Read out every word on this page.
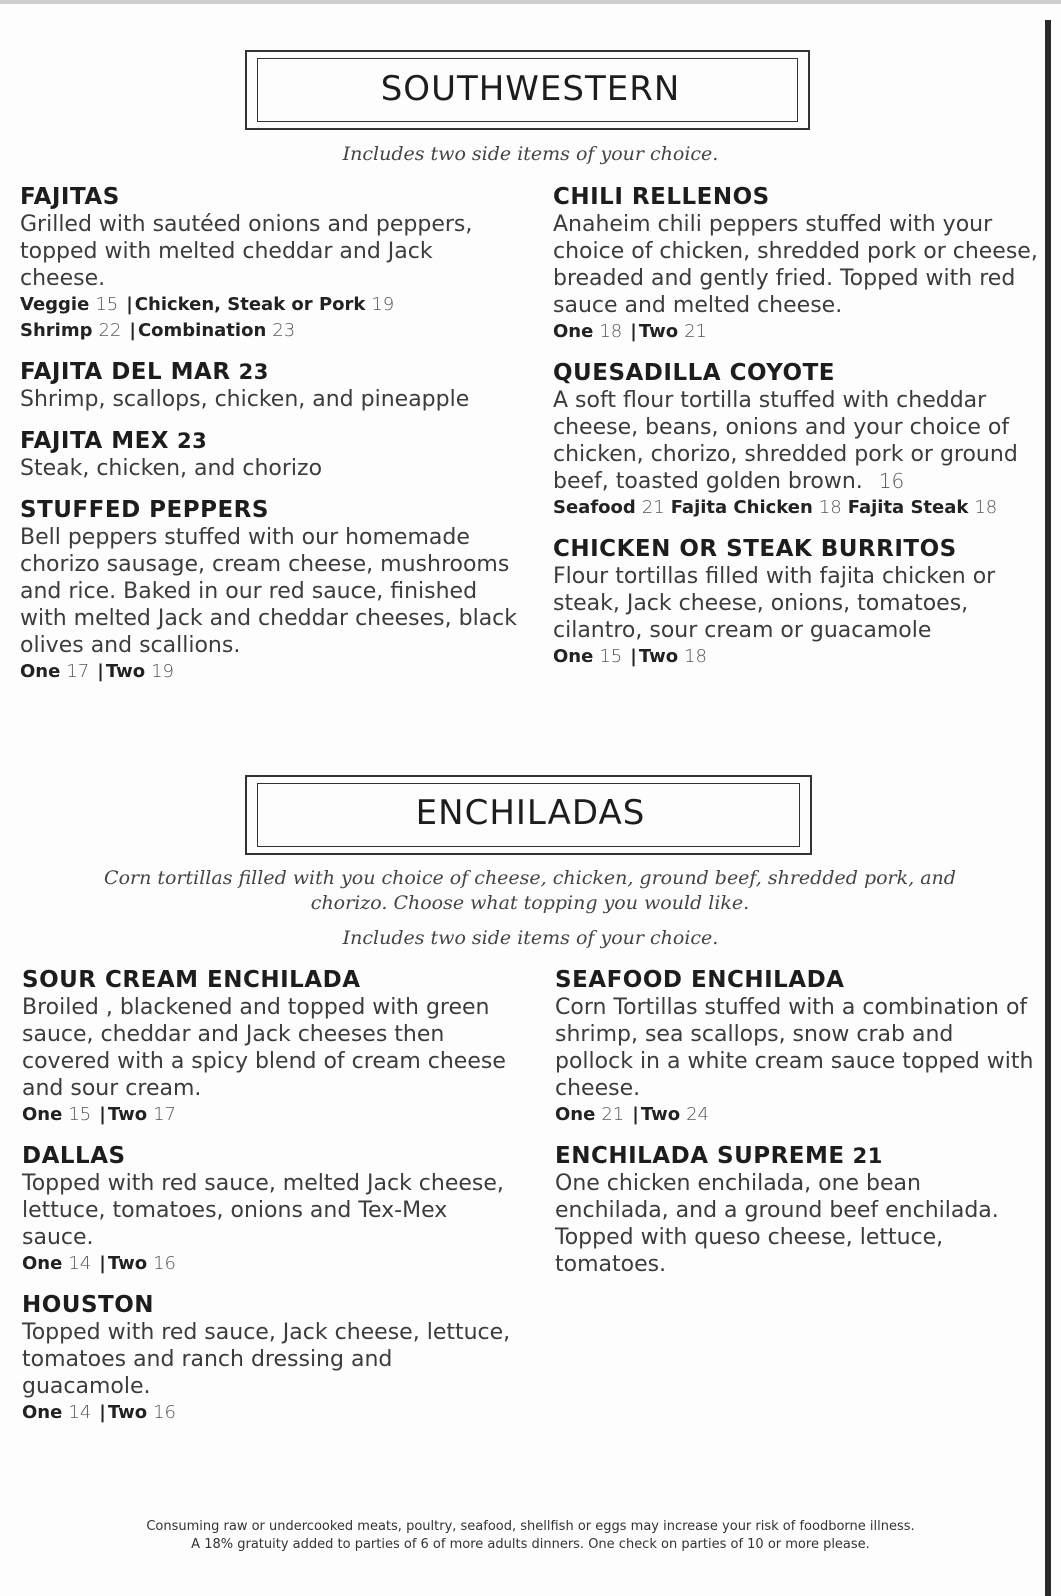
SOUTHWESTERN
Includes two side items of your choice.
FAJITAS
Grilled with sautéed onions and peppers, topped with melted cheddar and Jack cheese.
Veggie 15 | Chicken, Steak or Pork 19
Shrimp 22 | Combination 23
FAJITA DEL MAR 23
Shrimp, scallops, chicken, and pineapple
FAJITA MEX 23
Steak, chicken, and chorizo
STUFFED PEPPERS
Bell peppers stuffed with our homemade chorizo sausage, cream cheese, mushrooms and rice. Baked in our red sauce, finished with melted Jack and cheddar cheeses, black olives and scallions.
One 17 | Two 19
CHILI RELLENOS
Anaheim chili peppers stuffed with your choice of chicken, shredded pork or cheese, breaded and gently fried. Topped with red sauce and melted cheese.
One 18 | Two 21
QUESADILLA COYOTE
A soft flour tortilla stuffed with cheddar cheese, beans, onions and your choice of chicken, chorizo, shredded pork or ground beef, toasted golden brown. 16
Seafood 21 Fajita Chicken 18 Fajita Steak 18
CHICKEN OR STEAK BURRITOS
Flour tortillas filled with fajita chicken or steak, Jack cheese, onions, tomatoes, cilantro, sour cream or guacamole
One 15 | Two 18
ENCHILADAS
Corn tortillas filled with you choice of cheese, chicken, ground beef, shredded pork, and chorizo. Choose what topping you would like.
Includes two side items of your choice.
SOUR CREAM ENCHILADA
Broiled , blackened and topped with green sauce, cheddar and Jack cheeses then covered with a spicy blend of cream cheese and sour cream.
One 15 | Two 17
DALLAS
Topped with red sauce, melted Jack cheese, lettuce, tomatoes, onions and Tex-Mex sauce.
One 14 | Two 16
HOUSTON
Topped with red sauce, Jack cheese, lettuce, tomatoes and ranch dressing and guacamole.
One 14 | Two 16
SEAFOOD ENCHILADA
Corn Tortillas stuffed with a combination of shrimp, sea scallops, snow crab and pollock in a white cream sauce topped with cheese.
One 21 | Two 24
ENCHILADA SUPREME 21
One chicken enchilada, one bean enchilada, and a ground beef enchilada. Topped with queso cheese, lettuce, tomatoes.
Consuming raw or undercooked meats, poultry, seafood, shellfish or eggs may increase your risk of foodborne illness.
A 18% gratuity added to parties of 6 of more adults dinners. One check on parties of 10 or more please.
